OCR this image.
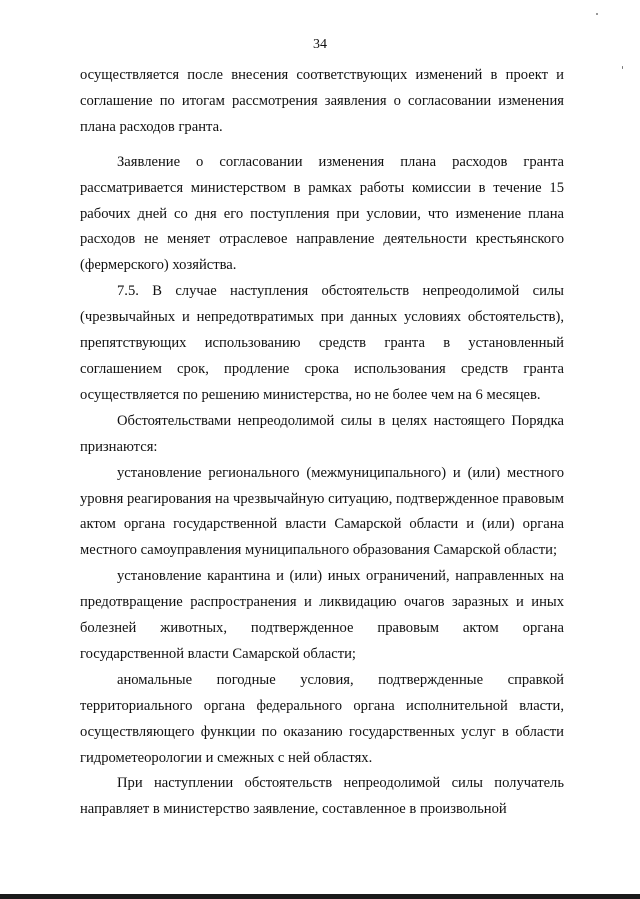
34

осуществляется после внесения соответствующих изменений в проект и соглашение по итогам рассмотрения заявления о согласовании изменения плана расходов гранта.

Заявление о согласовании изменения плана расходов гранта рассматривается министерством в рамках работы комиссии в течение 15 рабочих дней со дня его поступления при условии, что изменение плана расходов не меняет отраслевое направление деятельности крестьянского (фермерского) хозяйства.

7.5. В случае наступления обстоятельств непреодолимой силы (чрезвычайных и непредотвратимых при данных условиях обстоятельств), препятствующих использованию средств гранта в установленный соглашением срок, продление срока использования средств гранта осуществляется по решению министерства, но не более чем на 6 месяцев.

Обстоятельствами непреодолимой силы в целях настоящего Порядка признаются:

установление регионального (межмуниципального) и (или) местного уровня реагирования на чрезвычайную ситуацию, подтвержденное правовым актом органа государственной власти Самарской области и (или) органа местного самоуправления муниципального образования Самарской области;

установление карантина и (или) иных ограничений, направленных на предотвращение распространения и ликвидацию очагов заразных и иных болезней животных, подтвержденное правовым актом органа государственной власти Самарской области;

аномальные погодные условия, подтвержденные справкой территориального органа федерального органа исполнительной власти, осуществляющего функции по оказанию государственных услуг в области гидрометеорологии и смежных с ней областях.

При наступлении обстоятельств непреодолимой силы получатель направляет в министерство заявление, составленное в произвольной
